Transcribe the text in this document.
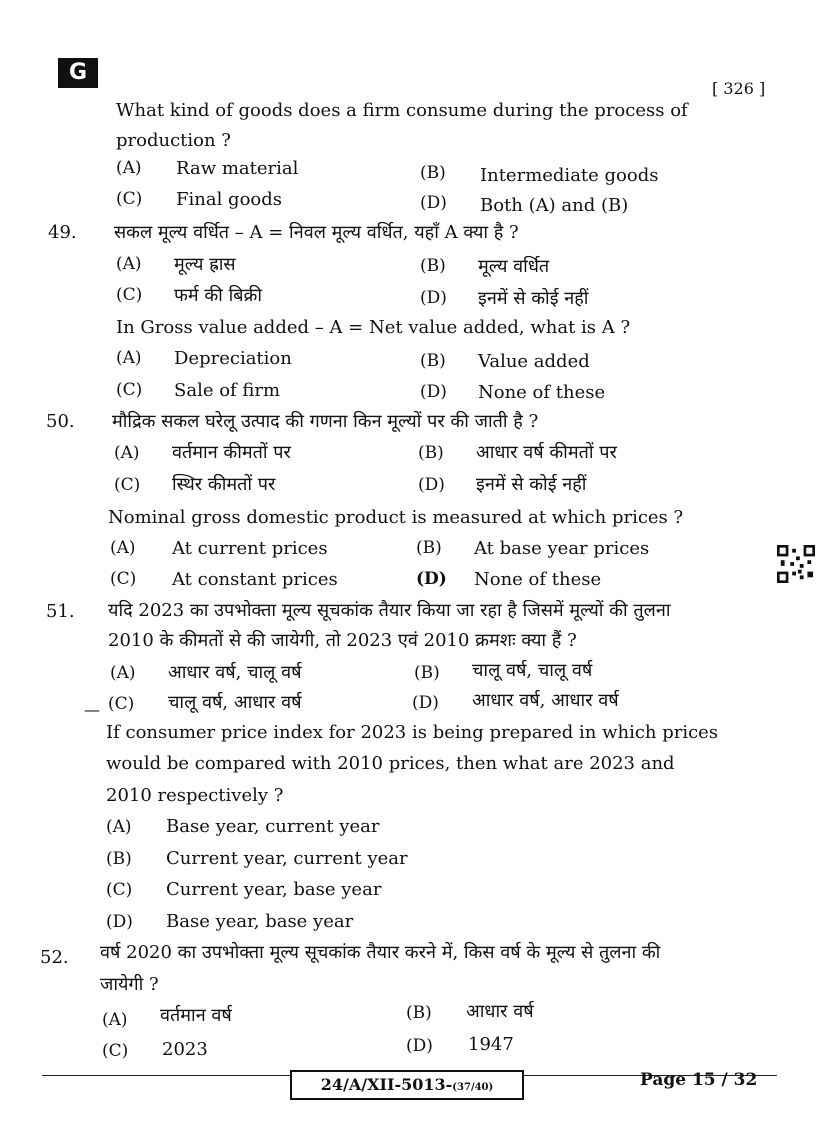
G
[ 326 ]
What kind of goods does a firm consume during the process of production ?
(A) Raw material	(B) Intermediate goods
(C) Final goods	(D) Both (A) and (B)
49. सकल मूल्य वर्धित – A = निवल मूल्य वर्धित, यहाँ A क्या है ?
(A) मूल्य ह्रास	(B) मूल्य वर्धित
(C) फर्म की बिक्री	(D) इनमें से कोई नहीं
In Gross value added – A = Net value added, what is A ?
(A) Depreciation	(B) Value added
(C) Sale of firm	(D) None of these
50. मौद्रिक सकल घरेलू उत्पाद की गणना किन मूल्यों पर की जाती है ?
(A) वर्तमान कीमतों पर	(B) आधार वर्ष कीमतों पर
(C) स्थिर कीमतों पर	(D) इनमें से कोई नहीं
Nominal gross domestic product is measured at which prices ?
(A) At current prices	(B) At base year prices
(C) At constant prices	(D) None of these
51. यदि 2023 का उपभोक्ता मूल्य सूचकांक तैयार किया जा रहा है जिसमें मूल्यों की तुलना
2010 के कीमतों से की जायेगी, तो 2023 एवं 2010 क्रमशः क्या हैं ?
(A) आधार वर्ष, चालू वर्ष	(B) चालू वर्ष, चालू वर्ष
— (C) चालू वर्ष, आधार वर्ष	(D) आधार वर्ष, आधार वर्ष
If consumer price index for 2023 is being prepared in which prices
would be compared with 2010 prices, then what are 2023 and
2010 respectively ?
(A) Base year, current year
(B) Current year, current year
(C) Current year, base year
(D) Base year, base year
52. वर्ष 2020 का उपभोक्ता मूल्य सूचकांक तैयार करने में, किस वर्ष के मूल्य से तुलना की
जायेगी ?
(A) वर्तमान वर्ष	(B) आधार वर्ष
(C) 2023	(D) 1947
24/A/XII-5013-(37/40)	Page 15 / 32
